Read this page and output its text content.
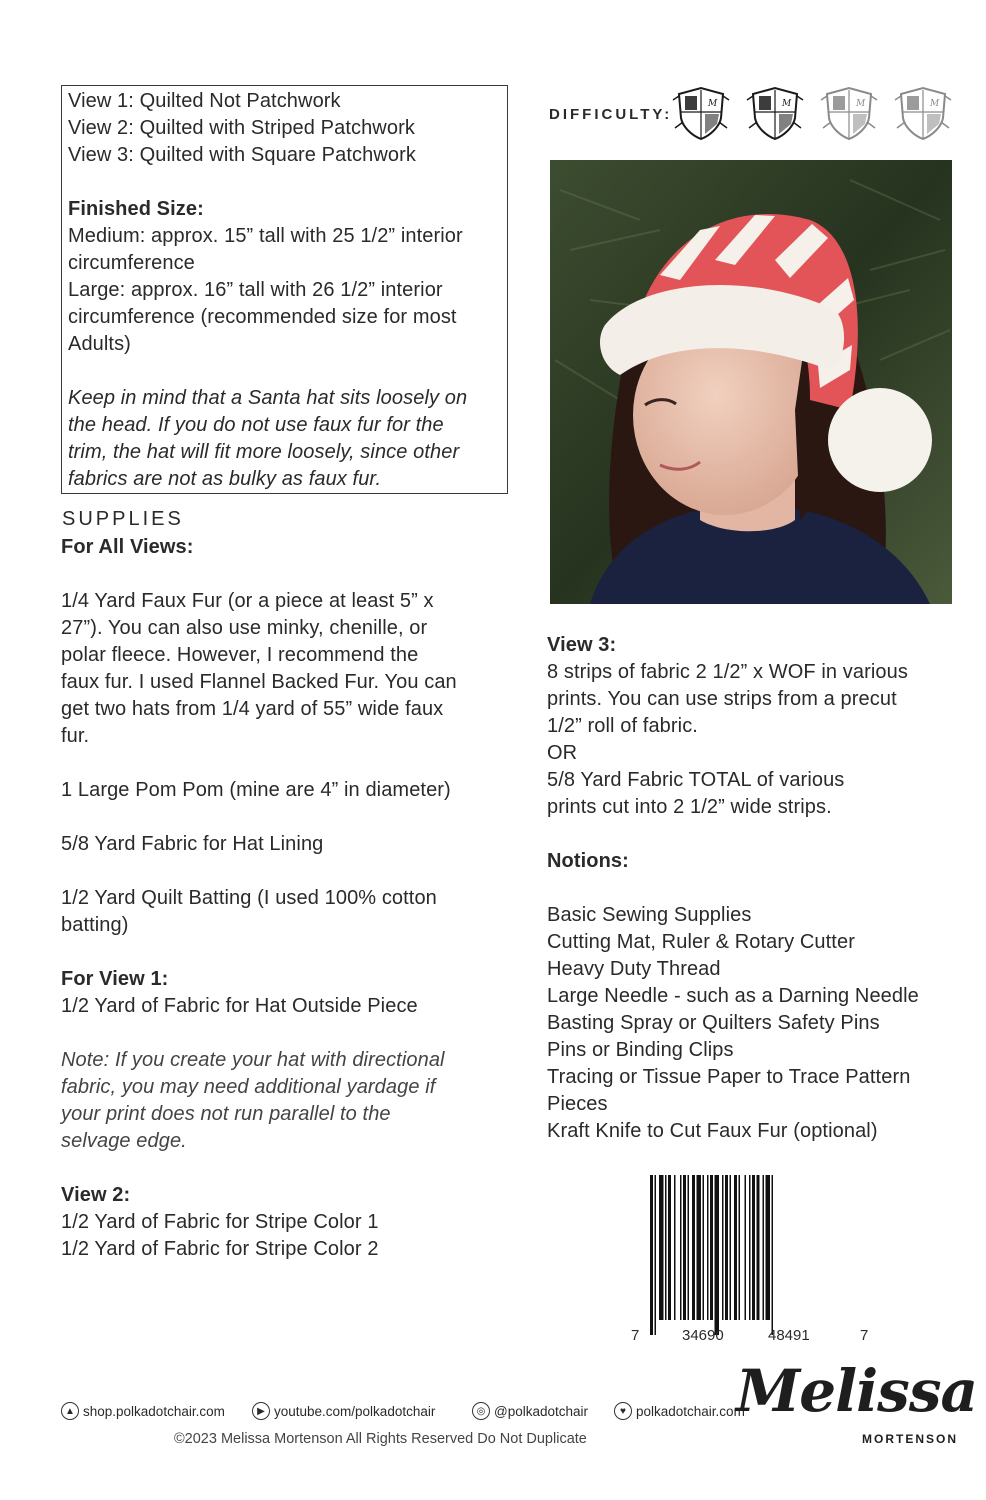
View 1: Quilted Not Patchwork
View 2: Quilted with Striped Patchwork
View 3: Quilted with Square Patchwork
Finished Size:
Medium: approx. 15” tall with 25 1/2” interior
circumference
Large: approx. 16” tall with 26 1/2” interior
circumference (recommended size for most
Adults)
Keep in mind that a Santa hat sits loosely on
the head. If you do not use faux fur for the
trim, the hat will fit more loosely, since other
fabrics are not as bulky as faux fur.
DIFFICULTY:
M	M	M	M
SUPPLIES
For All Views:
1/4 Yard Faux Fur (or a piece at least 5” x
27”). You can also use minky, chenille, or
polar fleece. However, I recommend the
faux fur. I used Flannel Backed Fur. You can
get two hats from 1/4 yard of 55” wide faux
fur.
1 Large Pom Pom (mine are 4” in diameter)
5/8 Yard Fabric for Hat Lining
1/2 Yard Quilt Batting (I used 100% cotton
batting)
For View 1:
1/2 Yard of Fabric for Hat Outside Piece
Note: If you create your hat with directional
fabric, you may need additional yardage if
your print does not run parallel to the
selvage edge.
View 2:
1/2 Yard of Fabric for Stripe Color 1
1/2 Yard of Fabric for Stripe Color 2
View 3:
8 strips of fabric 2 1/2” x WOF in various
prints. You can use strips from a precut
1/2” roll of fabric.
OR
5/8 Yard Fabric TOTAL of various
prints cut into 2 1/2” wide strips.
Notions:
Basic Sewing Supplies
Cutting Mat, Ruler & Rotary Cutter
Heavy Duty Thread
Large Needle - such as a Darning Needle
Basting Spray or Quilters Safety Pins
Pins or Binding Clips
Tracing or Tissue Paper to Trace Pattern
Pieces
Kraft Knife to Cut Faux Fur (optional)
7	34690	48491	7
▲ shop.polkadotchair.com	▶ youtube.com/polkadotchair	◎ @polkadotchair	♥ polkadotchair.com
©2023 Melissa Mortenson All Rights Reserved Do Not Duplicate
Melissa
MORTENSON
